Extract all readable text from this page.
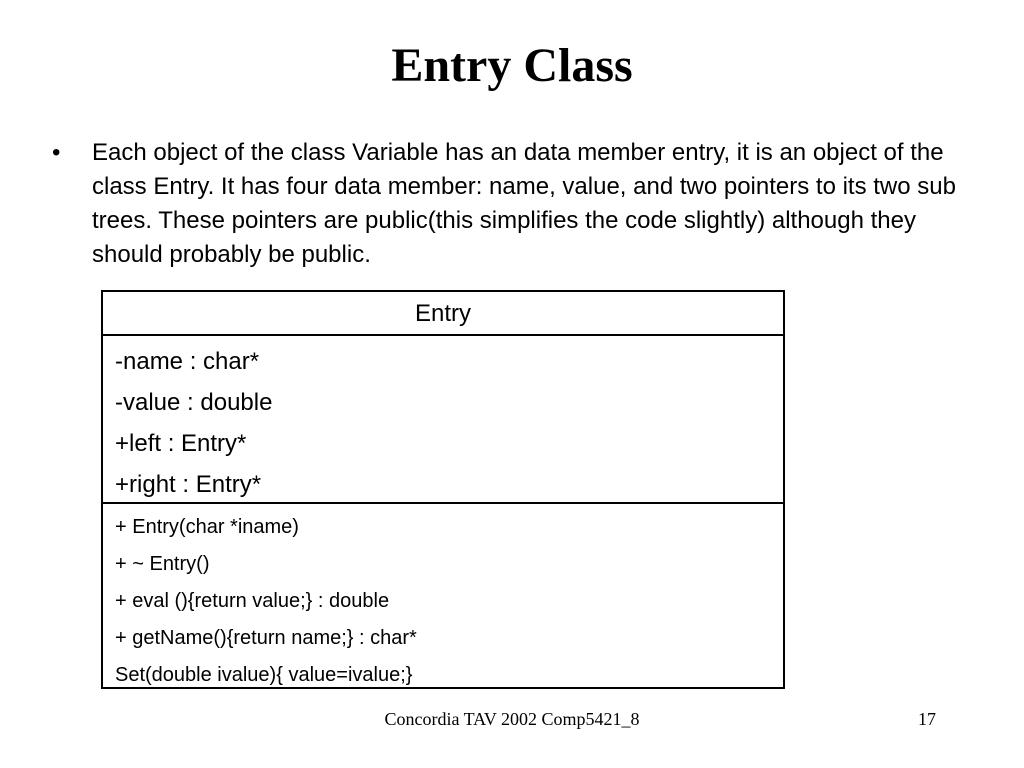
Entry Class
•	Each object of the class Variable has an data member entry, it is an object of the class Entry. It has four data member: name, value, and two pointers to its two sub trees. These pointers are public(this simplifies the code slightly) although they should probably be public.
Entry
-name : char*
-value : double
+left : Entry*
+right : Entry*
+ Entry(char *iname)
+ ~ Entry()
+ eval (){return value;} : double
+ getName(){return name;} : char*
Set(double ivalue){ value=ivalue;}
Concordia TAV 2002 Comp5421_8	17
